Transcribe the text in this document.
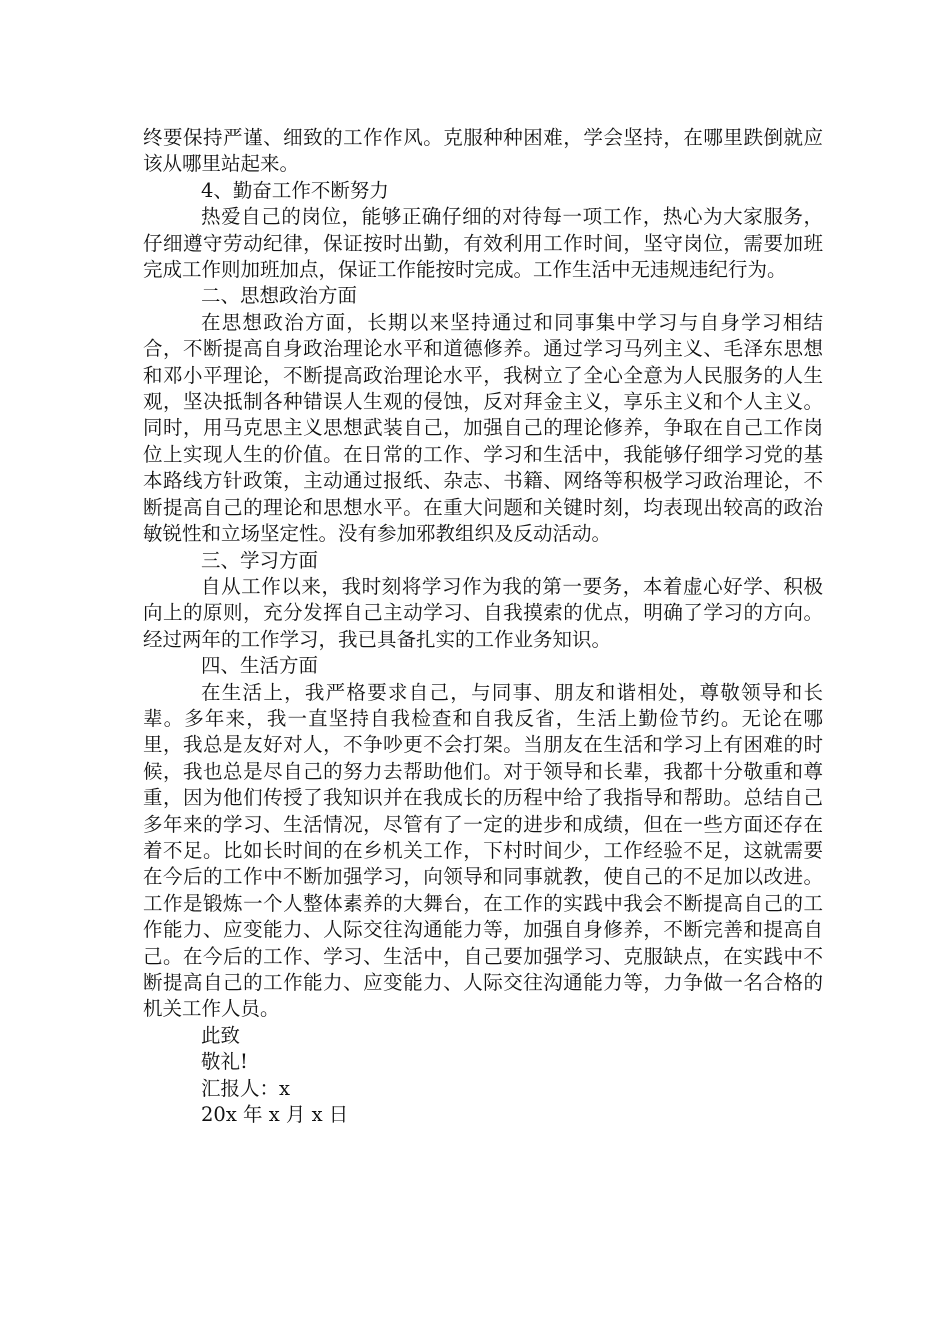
终要保持严谨、细致的工作作风。克服种种困难，学会坚持，在哪里跌倒就应该从哪里站起来。

4、勤奋工作不断努力

热爱自己的岗位，能够正确仔细的对待每一项工作，热心为大家服务，仔细遵守劳动纪律，保证按时出勤，有效利用工作时间，坚守岗位，需要加班完成工作则加班加点，保证工作能按时完成。工作生活中无违规违纪行为。

二、思想政治方面

在思想政治方面，长期以来坚持通过和同事集中学习与自身学习相结合，不断提高自身政治理论水平和道德修养。通过学习马列主义、毛泽东思想和邓小平理论，不断提高政治理论水平，我树立了全心全意为人民服务的人生观，坚决抵制各种错误人生观的侵蚀，反对拜金主义，享乐主义和个人主义。同时，用马克思主义思想武装自己，加强自己的理论修养，争取在自己工作岗位上实现人生的价值。在日常的工作、学习和生活中，我能够仔细学习党的基本路线方针政策，主动通过报纸、杂志、书籍、网络等积极学习政治理论，不断提高自己的理论和思想水平。在重大问题和关键时刻，均表现出较高的政治敏锐性和立场坚定性。没有参加邪教组织及反动活动。

三、学习方面

自从工作以来，我时刻将学习作为我的第一要务，本着虚心好学、积极向上的原则，充分发挥自己主动学习、自我摸索的优点，明确了学习的方向。经过两年的工作学习，我已具备扎实的工作业务知识。

四、生活方面

在生活上，我严格要求自己，与同事、朋友和谐相处，尊敬领导和长辈。多年来，我一直坚持自我检查和自我反省，生活上勤俭节约。无论在哪里，我总是友好对人，不争吵更不会打架。当朋友在生活和学习上有困难的时候，我也总是尽自己的努力去帮助他们。对于领导和长辈，我都十分敬重和尊重，因为他们传授了我知识并在我成长的历程中给了我指导和帮助。总结自己多年来的学习、生活情况，尽管有了一定的进步和成绩，但在一些方面还存在着不足。比如长时间的在乡机关工作，下村时间少，工作经验不足，这就需要在今后的工作中不断加强学习，向领导和同事就教，使自己的不足加以改进。工作是锻炼一个人整体素养的大舞台，在工作的实践中我会不断提高自己的工作能力、应变能力、人际交往沟通能力等，加强自身修养，不断完善和提高自己。在今后的工作、学习、生活中，自己要加强学习、克服缺点，在实践中不断提高自己的工作能力、应变能力、人际交往沟通能力等，力争做一名合格的机关工作人员。

此致

敬礼!

汇报人：x

20x 年 x 月 x 日
